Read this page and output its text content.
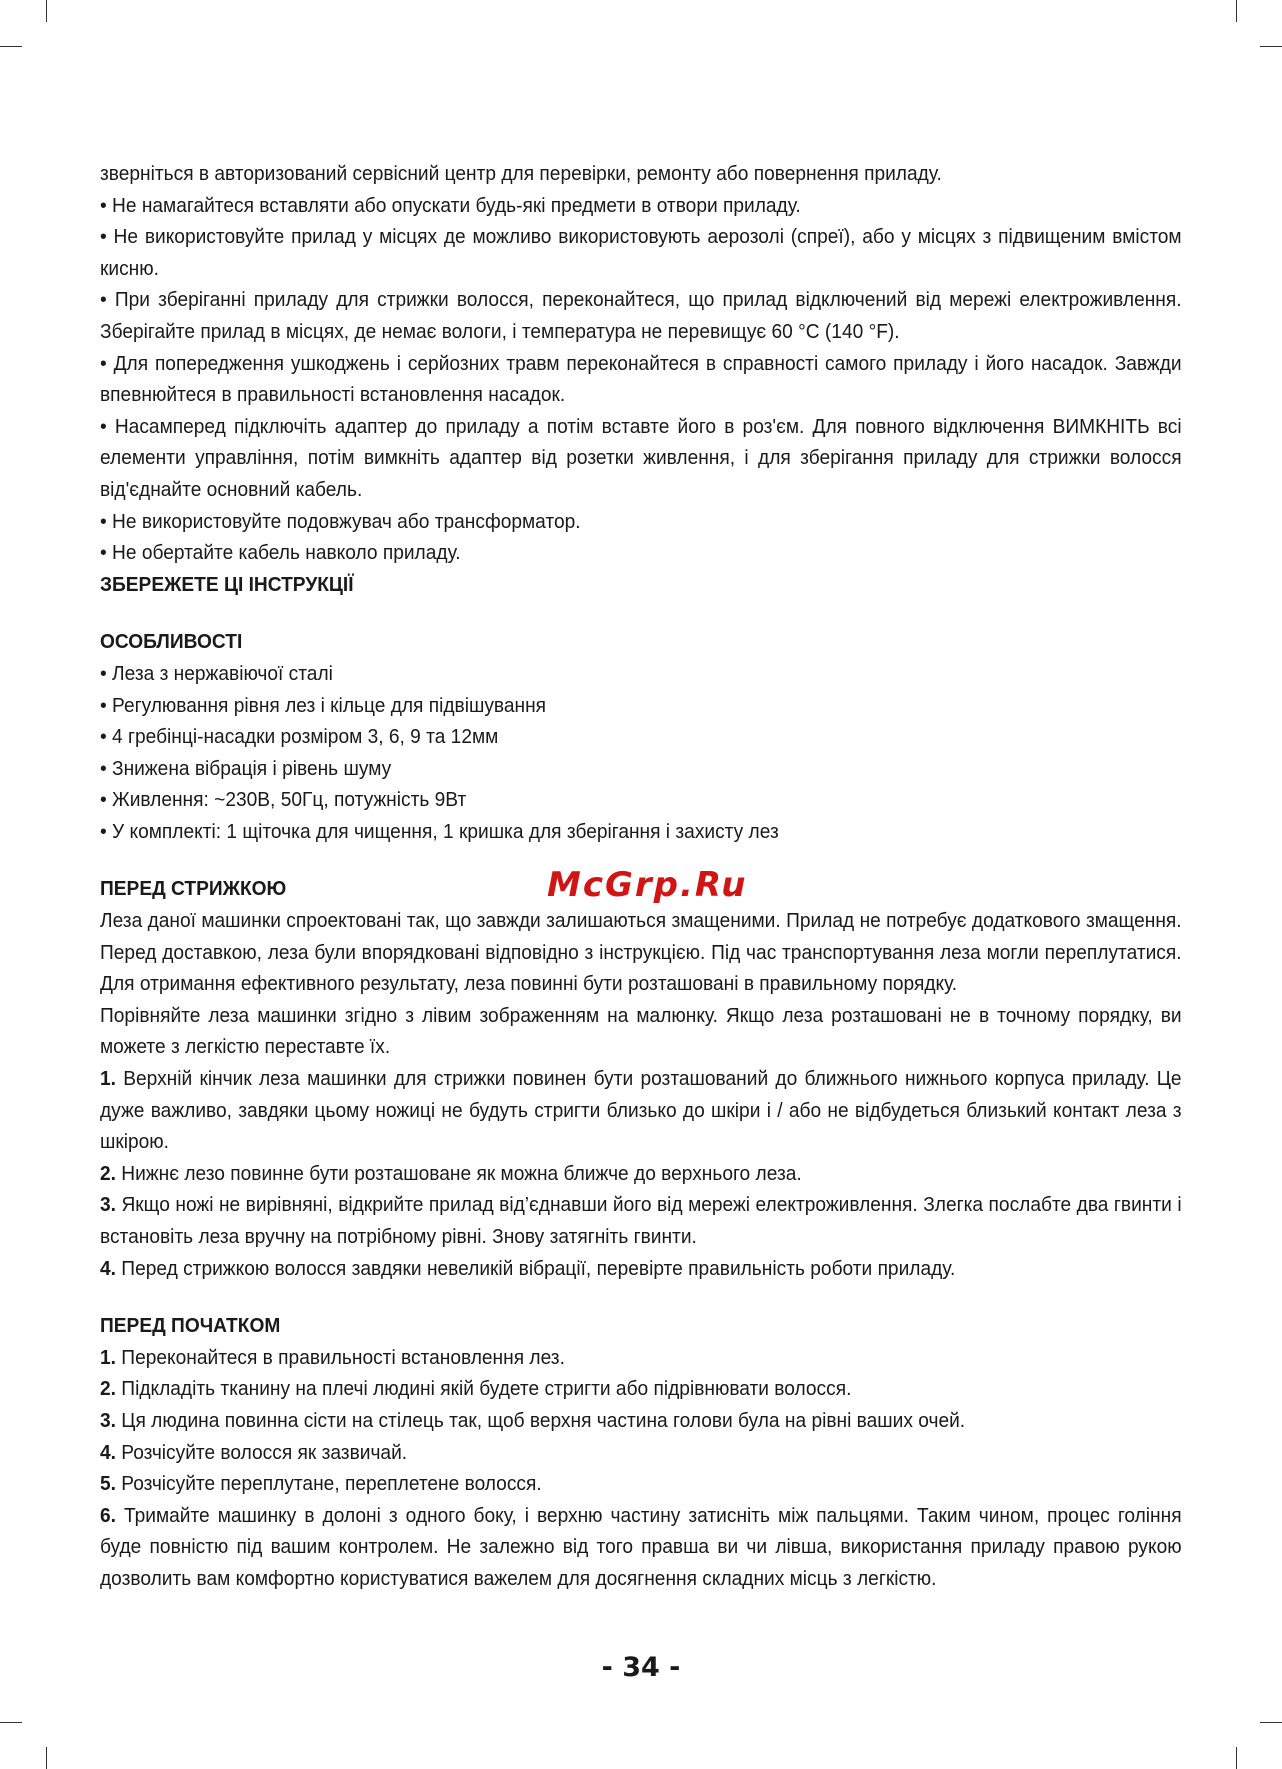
зверніться в авторизований сервісний центр для перевірки, ремонту або повернення приладу.

• Не намагайтеся вставляти або опускати будь-які предмети в отвори приладу.

• Не використовуйте прилад у місцях де можливо використовують аерозолі (спреї), або у місцях з підвищеним вмістом кисню.

• При зберіганні приладу для стрижки волосся, переконайтеся, що прилад відключений від мережі електроживлення. Зберігайте прилад в місцях, де немає вологи, і температура не перевищує 60 °C (140 °F).

• Для попередження ушкоджень і серйозних травм переконайтеся в справності самого приладу і його насадок. Завжди впевнюйтеся в правильності встановлення насадок.

• Насамперед підключіть адаптер до приладу а потім вставте його в роз'єм. Для повного відключення ВИМКНІТЬ всі елементи управління, потім вимкніть адаптер від розетки живлення, і для зберігання приладу для стрижки волосся від'єднайте основний кабель.

• Не використовуйте подовжувач або трансформатор.

• Не обертайте кабель навколо приладу.

ЗБЕРЕЖЕТЕ ЦІ ІНСТРУКЦІЇ

ОСОБЛИВОСТІ

• Леза з нержавіючої сталі

• Регулювання рівня лез і кільце для підвішування

• 4 гребінці-насадки розміром 3, 6, 9 та 12мм

• Знижена вібрація і рівень шуму

• Живлення: ~230В, 50Гц, потужність 9Вт

• У комплекті: 1 щіточка для чищення, 1 кришка для зберігання і захисту лез

ПЕРЕД СТРИЖКОЮ

Леза даної машинки спроектовані так, що завжди залишаються змащеними. Прилад не потребує додаткового змащення. Перед доставкою, леза були впорядковані відповідно з інструкцією. Під час транспортування леза могли переплутатися. Для отримання ефективного результату, леза повинні бути розташовані в правильному порядку.

Порівняйте леза машинки згідно з лівим зображенням на малюнку. Якщо леза розташовані не в точному порядку, ви можете з легкістю переставте їх.

1. Верхній кінчик леза машинки для стрижки повинен бути розташований до ближнього нижнього корпуса приладу. Це дуже важливо, завдяки цьому ножиці не будуть стригти близько до шкіри і / або не відбудеться близький контакт леза з шкірою.

2. Нижнє лезо повинне бути розташоване як можна ближче до верхнього леза.

3. Якщо ножі не вирівняні, відкрийте прилад від’єднавши його від мережі електроживлення. Злегка послабте два гвинти і встановіть леза вручну на потрібному рівні. Знову затягніть гвинти.

4. Перед стрижкою волосся завдяки невеликій вібрації, перевірте правильність роботи приладу.

ПЕРЕД ПОЧАТКОМ

1. Переконайтеся в правильності встановлення лез.

2. Підкладіть тканину на плечі людині якій будете стригти або підрівнювати волосся.

3. Ця людина повинна сісти на стілець так, щоб верхня частина голови була на рівні ваших очей.

4. Розчісуйте волосся як зазвичай.

5. Розчісуйте переплутане, переплетене волосся.

6. Тримайте машинку в долоні з одного боку, і верхню частину затисніть між пальцями. Таким чином, процес гоління буде повністю під вашим контролем. Не залежно від того правша ви чи лівша, використання приладу правою рукою дозволить вам комфортно користуватися важелем для досягнення складних місць з легкістю.

McGrp.Ru
- 34 -
